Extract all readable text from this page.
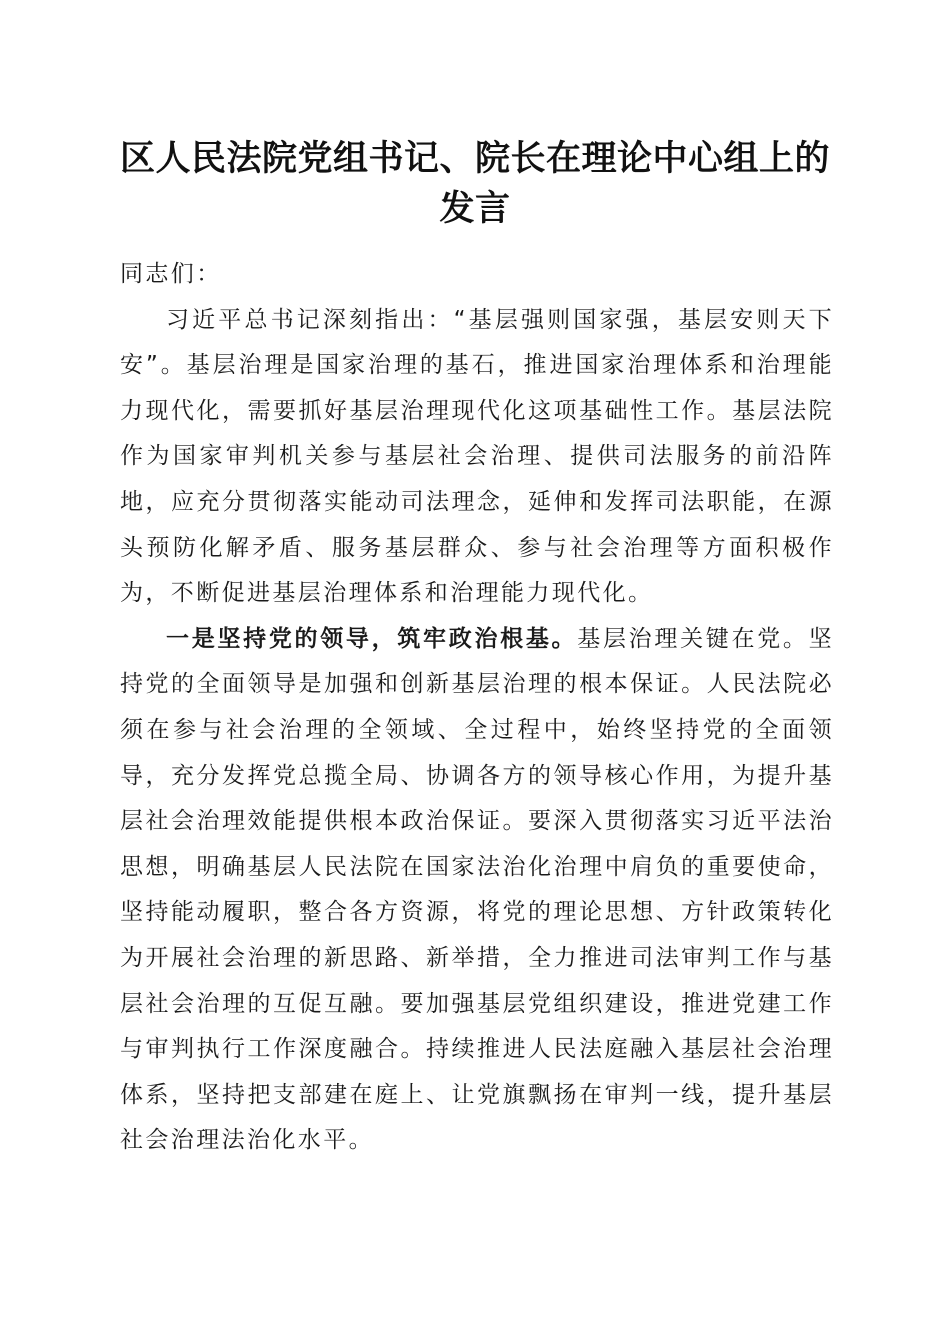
区人民法院党组书记、院长在理论中心组上的
发言

同志们：

习近平总书记深刻指出：“基层强则国家强，基层安则天下安”。基层治理是国家治理的基石，推进国家治理体系和治理能力现代化，需要抓好基层治理现代化这项基础性工作。基层法院作为国家审判机关参与基层社会治理、提供司法服务的前沿阵地，应充分贯彻落实能动司法理念，延伸和发挥司法职能，在源头预防化解矛盾、服务基层群众、参与社会治理等方面积极作为，不断促进基层治理体系和治理能力现代化。

一是坚持党的领导，筑牢政治根基。基层治理关键在党。坚持党的全面领导是加强和创新基层治理的根本保证。人民法院必须在参与社会治理的全领域、全过程中，始终坚持党的全面领导，充分发挥党总揽全局、协调各方的领导核心作用，为提升基层社会治理效能提供根本政治保证。要深入贯彻落实习近平法治思想，明确基层人民法院在国家法治化治理中肩负的重要使命，坚持能动履职，整合各方资源，将党的理论思想、方针政策转化为开展社会治理的新思路、新举措，全力推进司法审判工作与基层社会治理的互促互融。要加强基层党组织建设，推进党建工作与审判执行工作深度融合。持续推进人民法庭融入基层社会治理体系，坚持把支部建在庭上、让党旗飘扬在审判一线，提升基层社会治理法治化水平。
